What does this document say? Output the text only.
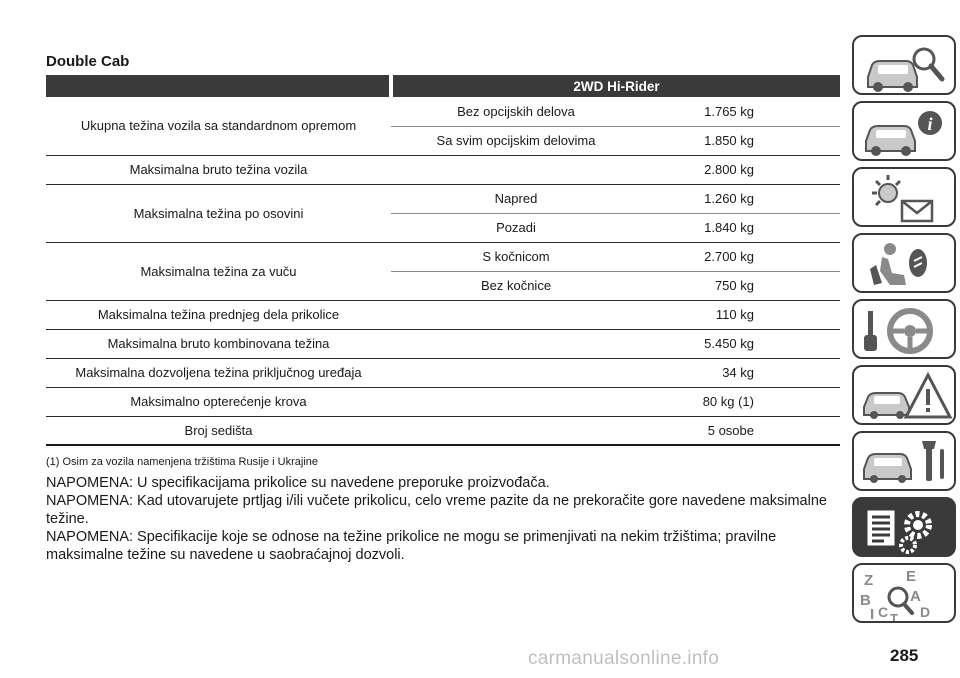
Double Cab
	2WD Hi-Rider	
Ukupna težina vozila sa standardnom opremom	Bez opcijskih delova	1.765 kg
	Sa svim opcijskim delovima	1.850 kg
Maksimalna bruto težina vozila		2.800 kg
Maksimalna težina po osovini	Napred	1.260 kg
	Pozadi	1.840 kg
Maksimalna težina za vuču	S kočnicom	2.700 kg
	Bez kočnice	750 kg
Maksimalna težina prednjeg dela prikolice		110 kg
Maksimalna bruto kombinovana težina		5.450 kg
Maksimalna dozvoljena težina priključnog uređaja		34 kg
Maksimalno opterećenje krova		80 kg (1)
Broj sedišta		5 osobe
(1) Osim za vozila namenjena tržištima Rusije i Ukrajine

NAPOMENA: U specifikacijama prikolice su navedene preporuke proizvođača.

NAPOMENA: Kad utovarujete prtljag i/ili vučete prikolicu, celo vreme pazite da ne prekoračite gore navedene maksimalne težine.

NAPOMENA: Specifikacije koje se odnose na težine prikolice ne mogu se primenjivati na nekim tržištima; pravilne maksimalne težine su navedene u saobraćajnoj dozvoli.

i
Z E
B	A
I C D
T
carmanualsonline.info	285
